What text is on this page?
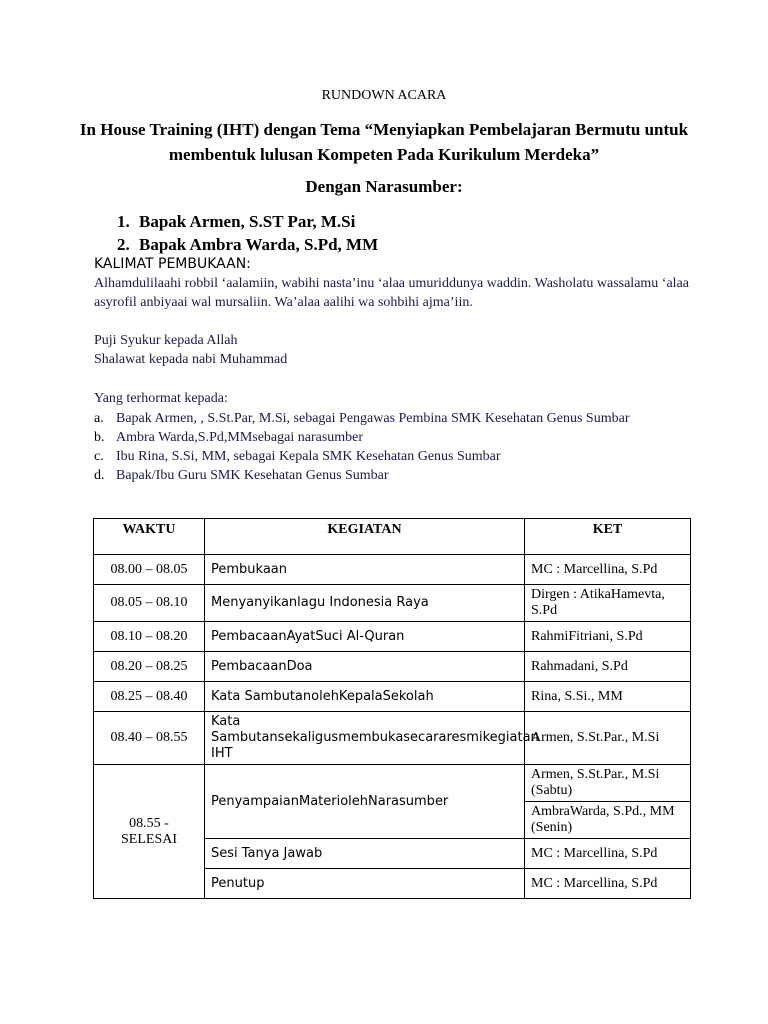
RUNDOWN ACARA
In House Training (IHT) dengan Tema “Menyiapkan Pembelajaran Bermutu untuk membentuk lulusan Kompeten Pada Kurikulum Merdeka”
Dengan Narasumber:
1. Bapak Armen, S.ST Par, M.Si
2. Bapak Ambra Warda, S.Pd, MM
KALIMAT PEMBUKAAN:
Alhamdulilaahi robbil ‘aalamiin, wabihi nasta’inu ‘alaa umuriddunya waddin. Washolatu wassalamu ‘alaa asyrofil anbiyaai wal mursaliin. Wa’alaa aalihi wa sohbihi ajma’iin.
Puji Syukur kepada Allah
Shalawat kepada nabi Muhammad
Yang terhormat kepada:
a. Bapak Armen, , S.St.Par, M.Si, sebagai Pengawas Pembina SMK Kesehatan Genus Sumbar
b. Ambra Warda,S.Pd,MMsebagai narasumber
c. Ibu Rina, S.Si, MM, sebagai Kepala SMK Kesehatan Genus Sumbar
d. Bapak/Ibu Guru SMK Kesehatan Genus Sumbar
WAKTU	KEGIATAN	KET
08.00 – 08.05	Pembukaan	MC : Marcellina, S.Pd
08.05 – 08.10	Menyanyikanlagu Indonesia Raya	Dirgen : AtikaHamevta, S.Pd
08.10 – 08.20	PembacaanAyatSuci Al-Quran	RahmiFitriani, S.Pd
08.20 – 08.25	PembacaanDoa	Rahmadani, S.Pd
08.25 – 08.40	Kata SambutanolehKepalaSekolah	Rina, S.Si., MM
08.40 – 08.55	Kata Sambutansekaligusmembukasecararesmikegiatan IHT	Armen, S.St.Par., M.Si
08.55 - SELESAI	PenyampaianMateriolehNarasumber	Armen, S.St.Par., M.Si (Sabtu)
		AmbraWarda, S.Pd., MM (Senin)
	Sesi Tanya Jawab	MC : Marcellina, S.Pd
	Penutup	MC : Marcellina, S.Pd
